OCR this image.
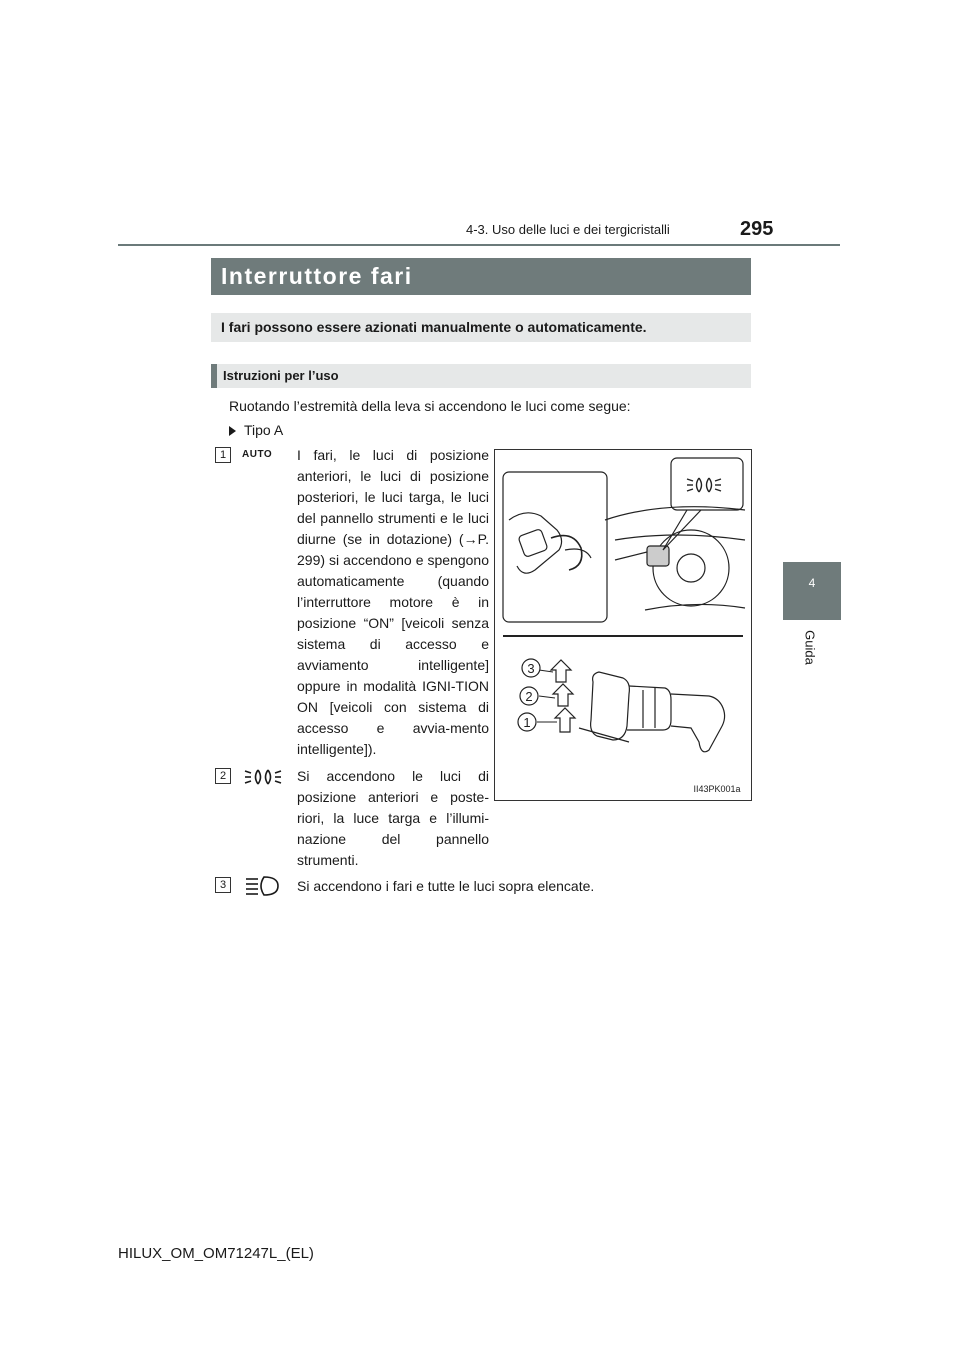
4-3. Uso delle luci e dei tergicristalli	295
4
Guida
Interruttore fari
I fari possono essere azionati manualmente o automaticamente.
Istruzioni per l’uso
Ruotando l’estremità della leva si accendono le luci come segue:
Tipo A
1	AUTO I fari, le luci di posizione anteriori, le luci di posizione posteriori, le luci targa, le luci del pannello strumenti e le luci diurne (se in dotazione) (→P. 299) si accendono e spengono automaticamente (quando l’interruttore motore è in posizione “ON” [veicoli senza sistema di accesso e avviamento intelligente] oppure in modalità IGNI-TION ON [veicoli con sistema di accesso e avvia-mento intelligente]).
2	Si accendono le luci di posizione anteriori e poste-riori, la luce targa e l’illumi-nazione del pannello strumenti.
3	Si accendono i fari e tutte le luci sopra elencate.
3
2
1
II43PK001a
HILUX_OM_OM71247L_(EL)
